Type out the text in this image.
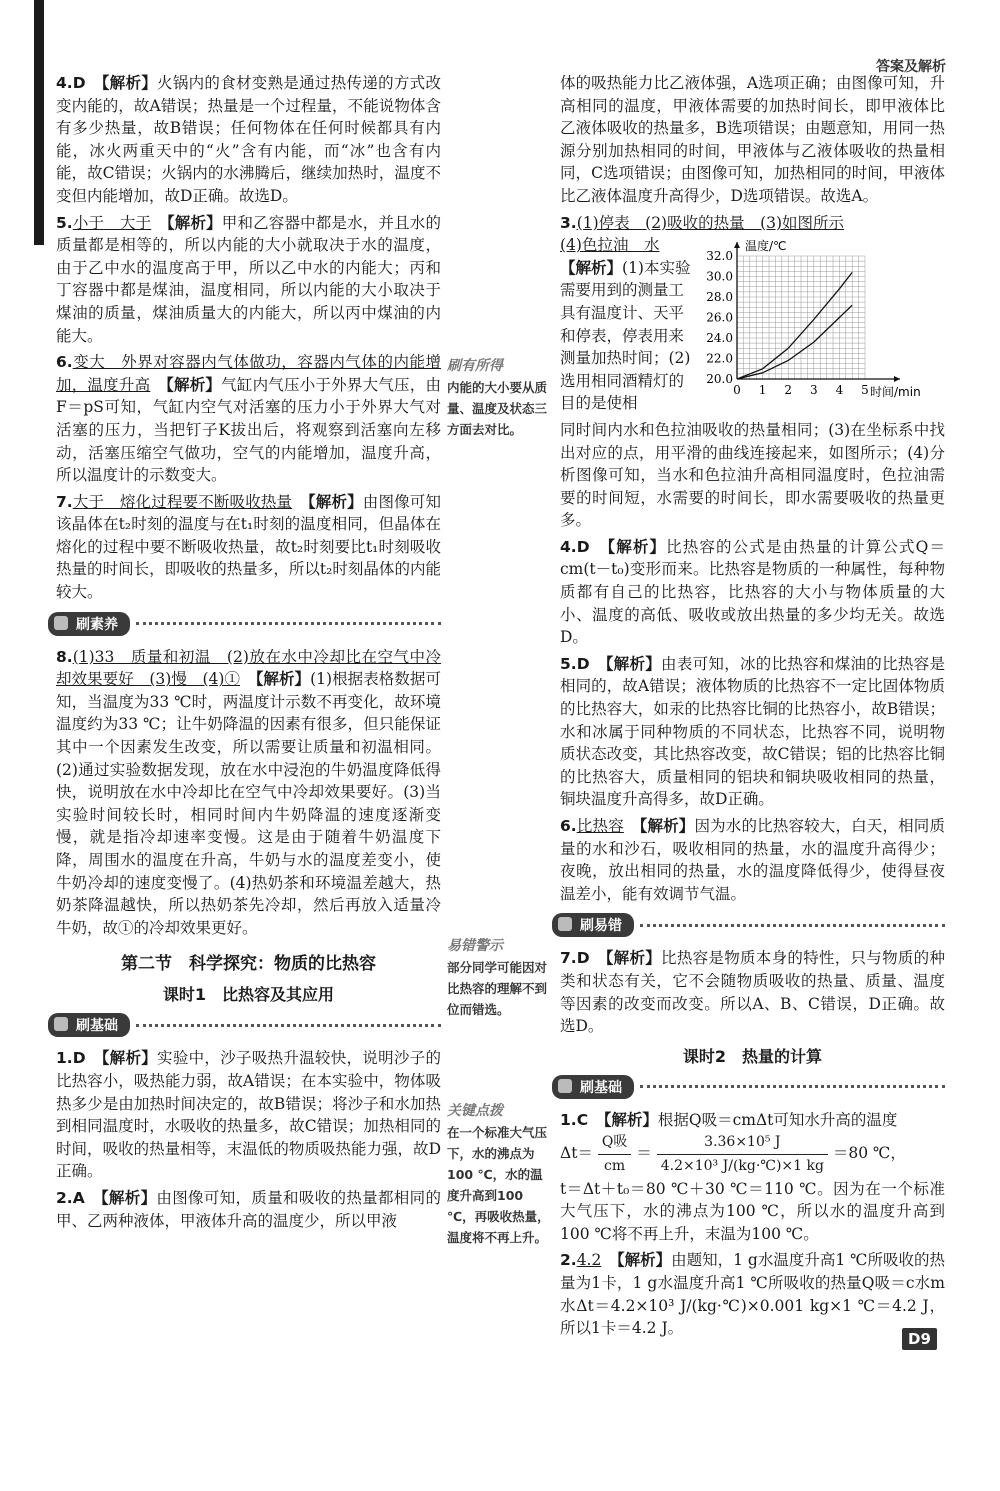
答案及解析

4.D　 【解析】火锅内的食材变熟是通过热传递的方式改变内能的，故A错误；热量是一个过程量，不能说物体含有多少热量，故B错误；任何物体在任何时候都具有内能，冰火两重天中的“火”含有内能，而“冰”也含有内能，故C错误；火锅内的水沸腾后，继续加热时，温度不变但内能增加，故D正确。故选D。

5.小于　大于　 【解析】甲和乙容器中都是水，并且水的质量都是相等的，所以内能的大小就取决于水的温度，由于乙中水的温度高于甲，所以乙中水的内能大；丙和丁容器中都是煤油，温度相同，所以内能的大小取决于煤油的质量，煤油质量大的内能大，所以丙中煤油的内能大。

6.变大　外界对容器内气体做功，容器内气体的内能增加，温度升高　 【解析】气缸内气压小于外界大气压，由F＝pS可知，气缸内空气对活塞的压力小于外界大气对活塞的压力，当把钉子K拔出后，将观察到活塞向左移动，活塞压缩空气做功，空气的内能增加，温度升高，所以温度计的示数变大。

7.大于　熔化过程要不断吸收热量　 【解析】由图像可知该晶体在t₂时刻的温度与在t₁时刻的温度相同，但晶体在熔化的过程中要不断吸收热量，故t₂时刻要比t₁时刻吸收热量的时间长，即吸收的热量多，所以t₂时刻晶体的内能较大。

刷素养

8.(1)33　质量和初温　(2)放在水中冷却比在空气中冷却效果要好　(3)慢　(4)①　 【解析】(1)根据表格数据可知，当温度为33 ℃时，两温度计示数不再变化，故环境温度约为33 ℃；让牛奶降温的因素有很多，但只能保证其中一个因素发生改变，所以需要让质量和初温相同。(2)通过实验数据发现，放在水中浸泡的牛奶温度降低得快，说明放在水中冷却比在空气中冷却效果要好。(3)当实验时间较长时，相同时间内牛奶降温的速度逐渐变慢，就是指冷却速率变慢。这是由于随着牛奶温度下降，周围水的温度在升高，牛奶与水的温度差变小，使牛奶冷却的速度变慢了。(4)热奶茶和环境温差越大，热奶茶降温越快，所以热奶茶先冷却，然后再放入适量冷牛奶，故①的冷却效果更好。

第二节　科学探究：物质的比热容
课时1　比热容及其应用
刷基础

1.D　 【解析】实验中，沙子吸热升温较快，说明沙子的比热容小，吸热能力弱，故A错误；在本实验中，物体吸热多少是由加热时间决定的，故B错误；将沙子和水加热到相同温度时，水吸收的热量多，故C错误；加热相同的时间，吸收的热量相等，末温低的物质吸热能力强，故D正确。

2.A　 【解析】由图像可知，质量和吸收的热量都相同的甲、乙两种液体，甲液体升高的温度少，所以甲液

刷有所得
内能的大小要从质量、温度及状态三方面去对比。
易错警示
部分同学可能因对比热容的理解不到位而错选。
关键点拨
在一个标准大气压下，水的沸点为100 ℃，水的温度升高到100 ℃，再吸收热量，温度将不再上升。

体的吸热能力比乙液体强，A选项正确；由图像可知，升高相同的温度，甲液体需要的加热时间长，即甲液体比乙液体吸收的热量多，B选项错误；由题意知，用同一热源分别加热相同的时间，甲液体与乙液体吸收的热量相同，C选项错误；由图像可知，加热相同的时间，甲液体比乙液体温度升高得少，D选项错误。故选A。

3.(1)停表　(2)吸收的热量　(3)如图所示

(4)色拉油　水
【解析】(1)本实验需要用到的测量工具有温度计、天平和停表，停表用来测量加热时间；(2)选用相同酒精灯的目的是使相

0 1 2 3 4 5
20.0
22.0
24.0
26.0
28.0
30.0
32.0
时间/min
温度/℃

同时间内水和色拉油吸收的热量相同；(3)在坐标系中找出对应的点，用平滑的曲线连接起来，如图所示；(4)分析图像可知，当水和色拉油升高相同温度时，色拉油需要的时间短，水需要的时间长，即水需要吸收的热量更多。

4.D　 【解析】比热容的公式是由热量的计算公式Q＝cm(t－t₀)变形而来。比热容是物质的一种属性，每种物质都有自己的比热容，比热容的大小与物体质量的大小、温度的高低、吸收或放出热量的多少均无关。故选D。

5.D　 【解析】由表可知，冰的比热容和煤油的比热容是相同的，故A错误；液体物质的比热容不一定比固体物质的比热容大，如汞的比热容比铜的比热容小，故B错误；水和冰属于同种物质的不同状态，比热容不同，说明物质状态改变，其比热容改变，故C错误；铝的比热容比铜的比热容大，质量相同的铝块和铜块吸收相同的热量，铜块温度升高得多，故D正确。

6.比热容　 【解析】因为水的比热容较大，白天，相同质量的水和沙石，吸收相同的热量，水的温度升高得少；夜晚，放出相同的热量，水的温度降低得少，使得昼夜温差小，能有效调节气温。

刷易错

7.D　 【解析】比热容是物质本身的特性，只与物质的种类和状态有关，它不会随物质吸收的热量、质量、温度等因素的改变而改变。所以A、B、C错误，D正确。故选D。

课时2　热量的计算
刷基础

1.C　 【解析】根据Q吸＝cmΔt可知水升高的温度
$\Delta t= \frac{\text{Q吸}}{cm} = \frac{\text{3.36×10⁵ J}}{\text{4.2×10³ J/(kg·℃)×1 kg}} =80$ ℃，
t＝Δt＋t₀＝80 ℃＋30 ℃＝110 ℃。因为在一个标准大气压下，水的沸点为100 ℃，所以水的温度升高到100 ℃将不再上升，末温为100 ℃。

2.4.2　 【解析】由题知，1 g水温度升高1 ℃所吸收的热量为1卡，1 g水温度升高1 ℃所吸收的热量Q吸＝c水m水Δt＝4.2×10³ J/(kg·℃)×0.001 kg×1 ℃＝4.2 J，所以1卡＝4.2 J。

D9
